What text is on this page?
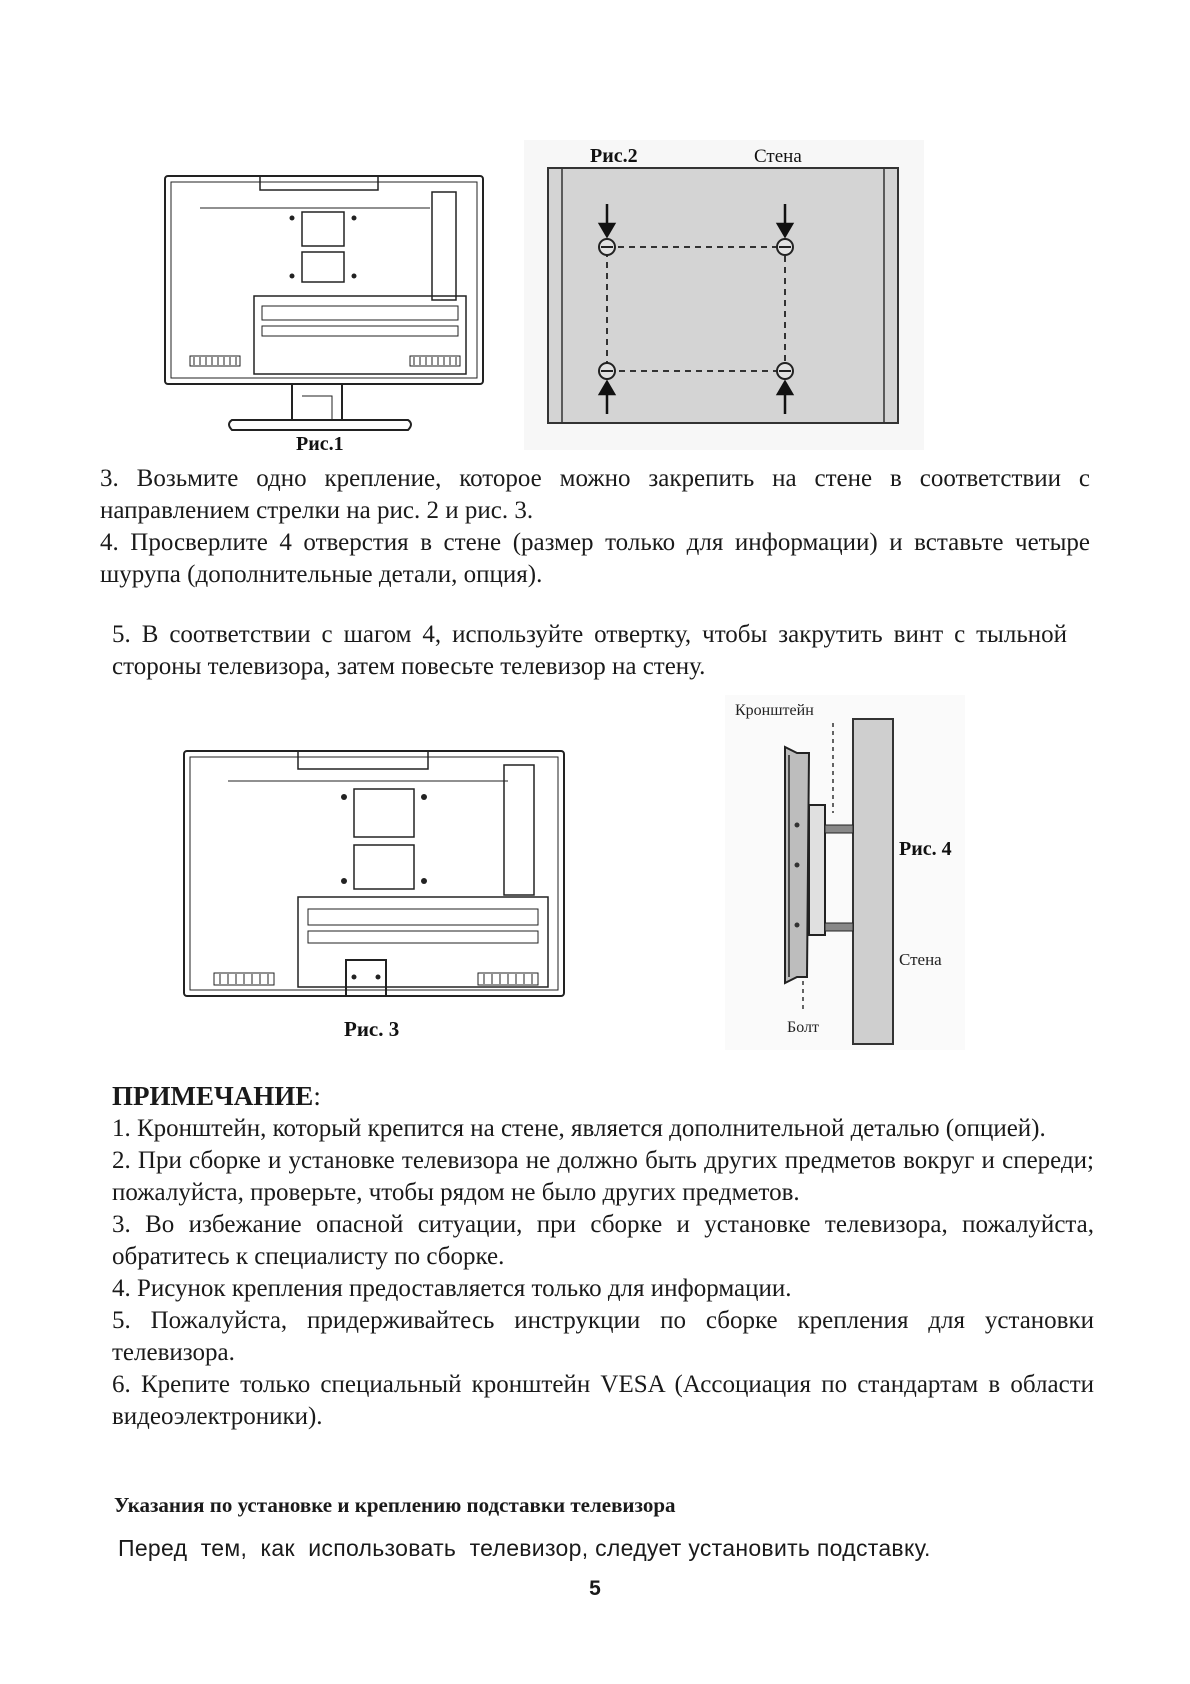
Рис.1
Рис.2	Стена

3. Возьмите одно крепление, которое можно закрепить на стене в соответствии с направлением стрелки на рис. 2 и рис. 3.

4. Просверлите 4 отверстия в стене (размер только для информации) и вставьте четыре шурупа (дополнительные детали, опция).

5. В соответствии с шагом 4, используйте отвертку, чтобы закрутить винт с тыльной стороны телевизора, затем повесьте телевизор на стену.

Рис. 3
Кронштейн
Рис. 4
Стена
Болт
ПРИМЕЧАНИЕ:

1. Кронштейн, который крепится на стене, является дополнительной деталью (опцией).

2. При сборке и установке телевизора не должно быть других предметов вокруг и спереди; пожалуйста, проверьте, чтобы рядом не было других предметов.

3. Во избежание опасной ситуации, при сборке и установке телевизора, пожалуйста, обратитесь к специалисту по сборке.

4. Рисунок крепления предоставляется только для информации.

5. Пожалуйста, придерживайтесь инструкции по сборке крепления для установки телевизора.

6. Крепите только специальный кронштейн VESA (Ассоциация по стандартам в области видеоэлектроники).

Указания по установке и креплению подставки телевизора
Перед  тем,  как  использовать  телевизор, следует установить подставку.
5
